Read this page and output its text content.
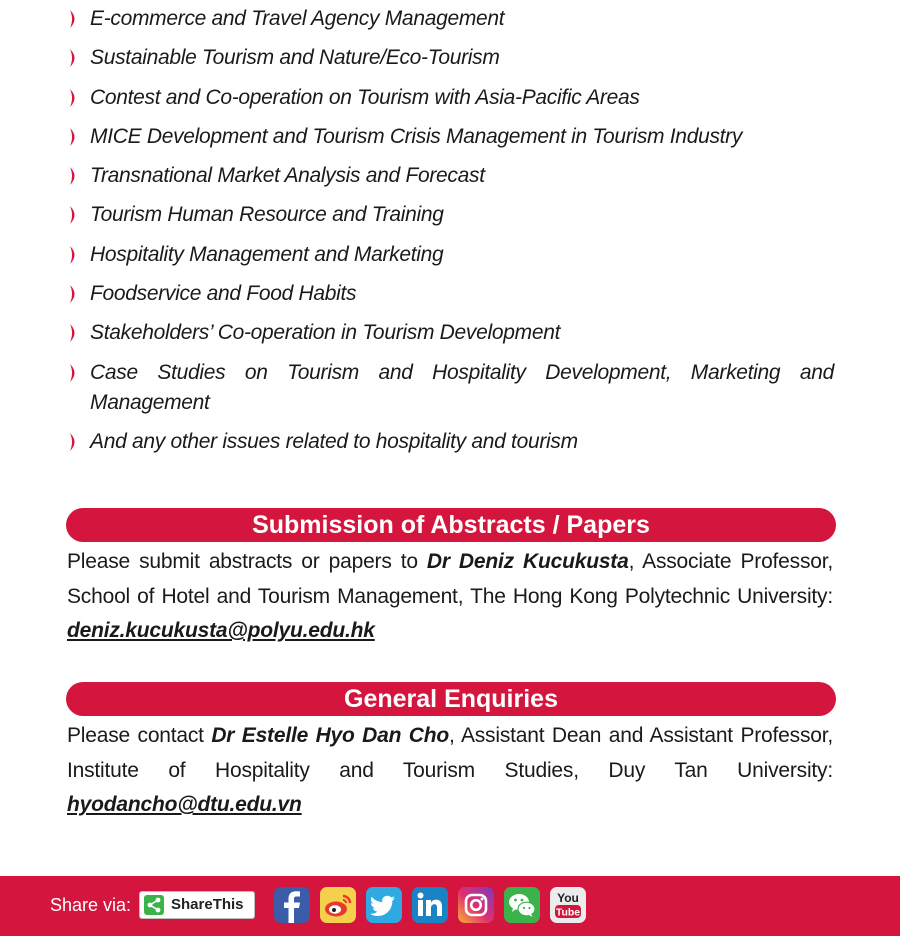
E-commerce and Travel Agency Management
Sustainable Tourism and Nature/Eco-Tourism
Contest and Co-operation on Tourism with Asia-Pacific Areas
MICE Development and Tourism Crisis Management in Tourism Industry
Transnational Market Analysis and Forecast
Tourism Human Resource and Training
Hospitality Management and Marketing
Foodservice and Food Habits
Stakeholders’ Co-operation in Tourism Development
Case Studies on Tourism and Hospitality Development, Marketing and Management
And any other issues related to hospitality and tourism
Submission of Abstracts / Papers

Please submit abstracts or papers to Dr Deniz Kucukusta, Associate Professor, School of Hotel and Tourism Management, The Hong Kong Polytechnic University: deniz.kucukusta@polyu.edu.hk

General Enquiries

Please contact Dr Estelle Hyo Dan Cho, Assistant Dean and Assistant Professor, Institute of Hospitality and Tourism Studies, Duy Tan University: hyodancho@dtu.edu.vn

Share via:	ShareThis	You
Tube
